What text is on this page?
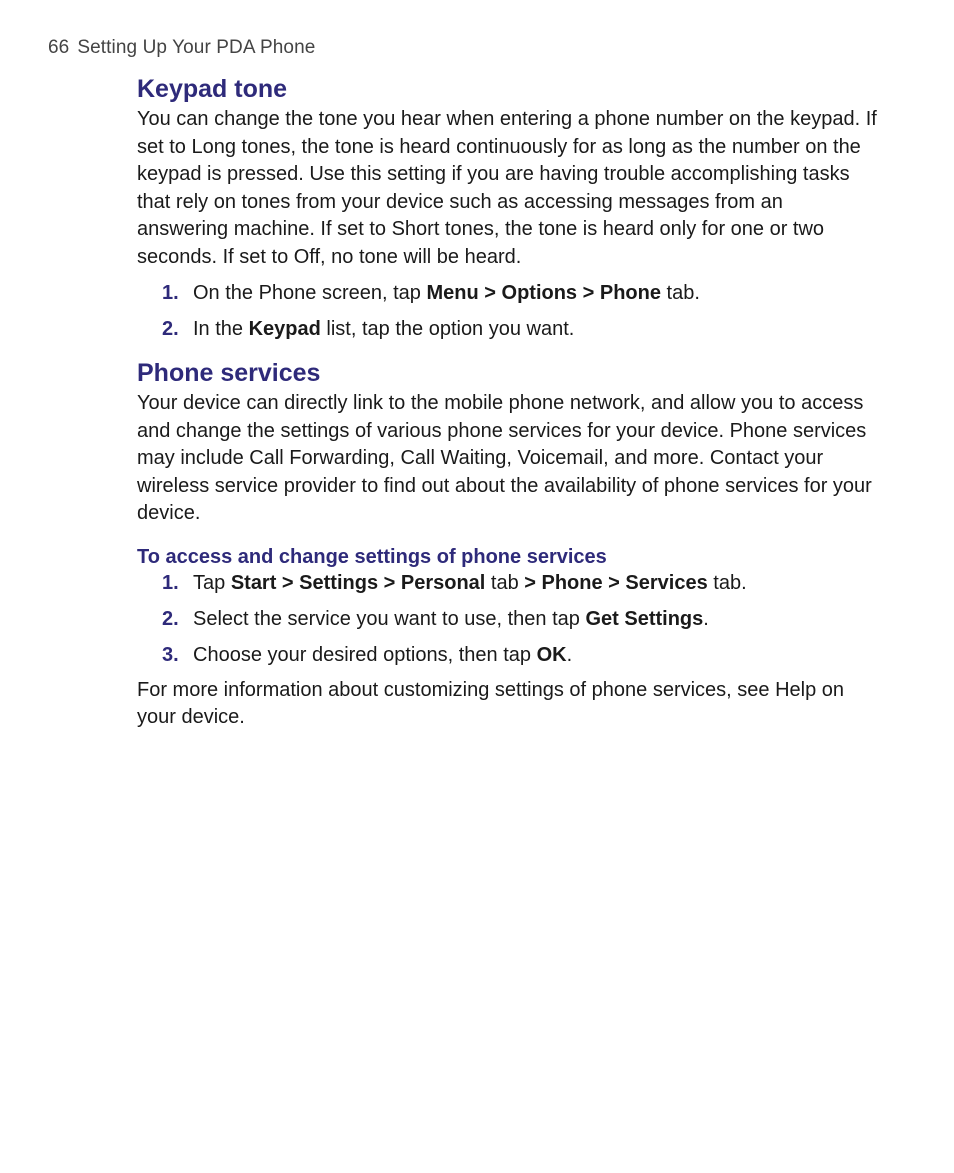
66 Setting Up Your PDA Phone
Keypad tone

You can change the tone you hear when entering a phone number on the keypad. If set to Long tones, the tone is heard continuously for as long as the number on the keypad is pressed. Use this setting if you are having trouble accomplishing tasks that rely on tones from your device such as accessing messages from an answering machine. If set to Short tones, the tone is heard only for one or two seconds. If set to Off, no tone will be heard.

1. On the Phone screen, tap Menu > Options > Phone tab.
2. In the Keypad list, tap the option you want.
Phone services

Your device can directly link to the mobile phone network, and allow you to access and change the settings of various phone services for your device. Phone services may include Call Forwarding, Call Waiting, Voicemail, and more. Contact your wireless service provider to find out about the availability of phone services for your device.

To access and change settings of phone services
1. Tap Start > Settings > Personal tab > Phone > Services tab.
2. Select the service you want to use, then tap Get Settings.
3. Choose your desired options, then tap OK.

For more information about customizing settings of phone services, see Help on your device.
